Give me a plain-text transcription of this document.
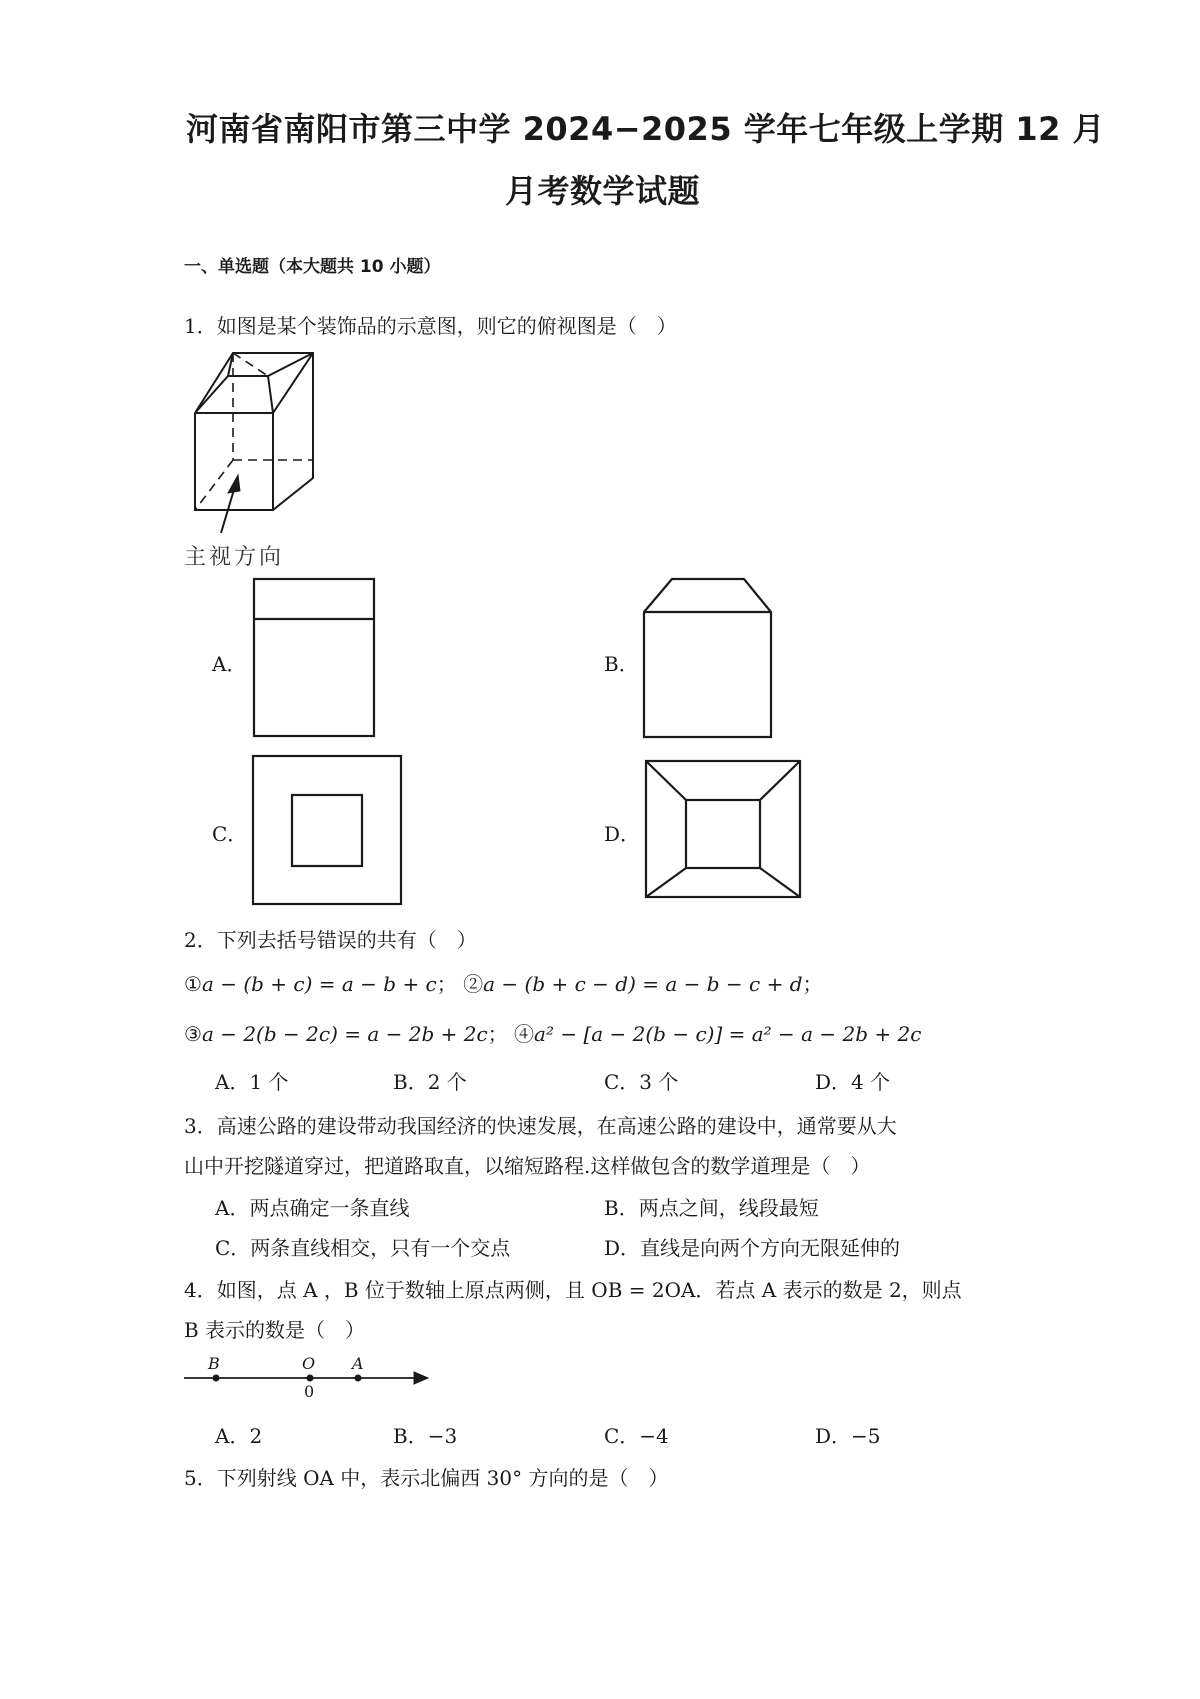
河南省南阳市第三中学 2024−2025 学年七年级上学期 12 月
月考数学试题
一、单选题（本大题共 10 小题）
1．如图是某个装饰品的示意图，则它的俯视图是（　）
主视方向
A．	B．
C．	D．
2．下列去括号错误的共有（　）
①a − (b + c) = a − b + c； ②a − (b + c − d) = a − b − c + d；
③a − 2(b − 2c) = a − 2b + 2c； ④a² − [a − 2(b − c)] = a² − a − 2b + 2c
A．1 个	B．2 个	C．3 个	D．4 个
3．高速公路的建设带动我国经济的快速发展，在高速公路的建设中，通常要从大
山中开挖隧道穿过，把道路取直，以缩短路程.这样做包含的数学道理是（　）
A．两点确定一条直线	B．两点之间，线段最短
C．两条直线相交，只有一个交点	D．直线是向两个方向无限延伸的
4．如图，点 A ，B 位于数轴上原点两侧，且 OB = 2OA．若点 A 表示的数是 2，则点
B 表示的数是（　）
B	O A
0
A．2	B．−3	C．−4	D．−5
5．下列射线 OA 中，表示北偏西 30° 方向的是（　）
